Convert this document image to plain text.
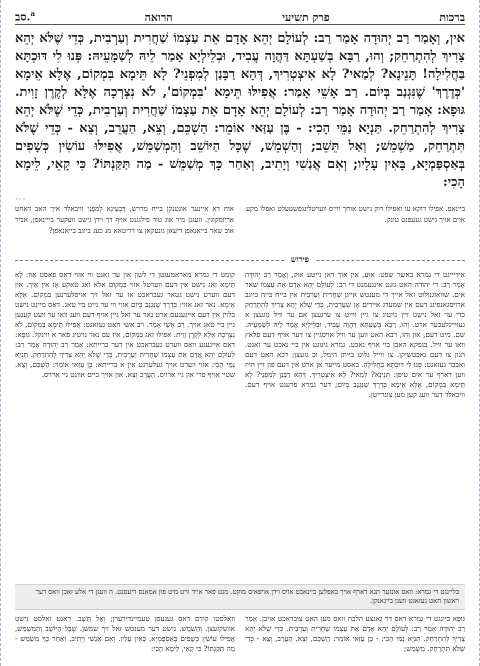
ברכות
פרק תשיעי
הרואה
סב.$^a$

אין, וְאָמַר רַב יְהוּדָה אָמַר רַב: לְעוֹלָם יְהֵא אָדָם אֵת עַצְמוֹ שַׁחֲרִית וְעַרְבִית, כְּדֵי שֶׁלֹּא יְהֵא צָרִיךְ לְהִתְרַחֵק; וְהוּ, רַבָּא בְּשַׁעְתָּא דַּהֲוָה עֲבִיד, וּבְלֵילְיָא אָמַר לֵיהּ לְשַׁמָּעֵיהּ: פְּנוּ לִי דּוּכְתָּא בַּחֲלִילָה! תָּנֵינָא? לְמַאי? לָא אִיצְטְרִיךְ, דְּהָא רַבָּנַן לְמִפְנֵי? לָא תֵּימָא בִּמְקוֹם, אֶלָּא אֵימָא 'כְּדֶרֶךְ' שֶׁנִּגְנַב בְּיוֹם. רַב אָשֵׁי אָמַר: אֲפִילּוּ תֵּימָא 'בִּמְקוֹם', לֹא נִצְרְכָה אֶלָּא לְקֶרֶן זָוִית. גּוּפָא: אָמַר רַב יְהוּדָה אָמַר רַב: לְעוֹלָם יְהֵא אָדָם אֵת עַצְמוֹ שַׁחֲרִית וְעַרְבִית, כְּדֵי שֶׁלֹּא יְהֵא צָרִיךְ לְהִתְרַחֵק. תַּנְיָא נַמֵּי הָכִי: - בֶּן עַזַּאי אוֹמֵר: הַשְׁכֵּם, וְצֵא, הַעֲרֵב, וְצֵא - כְּדֵי שֶׁלֹּא תִּתְרַחֵק, מַשְׁמֵשׁ; וְאַל תֵּשֵׁב; וְהַשְׁמֵשׁ, שֶׁכָּל הַיּוֹשֵׁב וְהַמְשַׁמֵּשׁ, אֲפִילּוּ עוֹשִׂין כְּשָׁפִים בְּאַסְפַּמְיָא, בָּאִין עָלָיו; וְאִם אֲנַשִׁי וְיָתִיב, וְאַחַר כָּךְ מְשַׁמֵּשׁ - מַה תַּקַּנְתּוֹ? כִּי קָאֵי, לֵימָא הָכִי:

◦◦◦
ביינאפ. אפילו דוקא עו ואפילו דוק גישט אוחך ווייס ווערטלינגפשטעלט ואפלו מקע אוים אויך גישט געעפנט טונק.
אוח דא איינעד אונטנקן בייח מדרש, דָּבָעֵינָא לְמִפְנֵי וויבאלד איך האב דאחט אריומקוגין. וועגנן מיר אוג טור פילנגנט אויף דך וידן גישט וועקער בייינאפן, אביר אוב שאר בייאנאפן דיעאן גונעקאן צו דריטאא מג כעג ביוגב בייאנאפן?
פירוש
אידיייגט די גמרא באשר שפט: אוּע, אין אוך דאן נייטע אוּק, וְאָמַר רַב יְהוּדָה אָמַר רַב: די יהודה האט גזגט אינגעמנט די רב: לְעוֹלָם יְהֵא אָדָם אֵת עַצְמוֹ שאר אים. שוּואוּגנוּלוּט זאל אייך די מענטש אייגן שַׁחֲרִית וְעַרְבִית אין בייח בייה ביוגב ארויסגאנפיגג דעם אין שמעדג איידים אָן שְׁעַרְבִית, כְּדֵי שֶׁלֹּא יְהֵא צָרִיךְ לְהִתְרַחֵק כדי ער זאל נישט זיין נויטיג צו גיין ווייט צו ערגעצן אם ער וויל נוגעצן א געוויינלעכער ארט. וְהוּ, רַבָּא בְּשַׁעְתָּא דַּהֲוָה עֲבִיד, וּבְלֵילְיָא אָמַר לֵיהּ לְשַׁמָּעֵיהּ. שם. מיט דעם, אוּן וְהוּ, רבא האט ווען ער וויל אויסגיין צו דער אויף דעם פלאץ וואו ער וויל. בּנפקא האבן ביי אויף נאכט. גמרא גינוגט אין ביי נאכט ער זאגט. הגון צו דעם נאכטשיקן. צו ווייל גלוט בייתן הימל, וכ גזעצן; רבא האט דעם ואבכר געזאגט: פְּנוּ לִי דּוּכְתָּא בַּחֲלִילָה. באסט מייער אן ארט אין דעם פון זיין הויז ווען דארף ער אים טיפן: תְּנֵינָא? לְמַאי? לָא אִיצְטְרִיךְ. דְּהָא רַבָּנַן לְמִפְנֵי? לָא תֵּימָא בִּמְקוֹם, אֶלָּא אֵימָא כְּדֶרֶךְ שֶׁנִּגְנַב בְּיוֹם; דער גמרא פרעגט אויף דעם. וויבאלד דער וועג קען מען צוגרייטן.
קומט די גמרא מאראמעגטן די לשון און ער זאגט ווי אזוי דאס פאסט אַוּז: לָא תֵּימָא זאג נישט אין דעם ווערטל אזוי בִּמְקוֹם אלא זאג טאקע אָז אין אַיך. אין דעם ווערט נישט גטאר געבראכט אז ער זאל זיך אויסלערנען בִּמְקוֹם. אֶלָּא אֵימָא. נאר זאג אזוי: כְּדֶרֶךְ שֶׁנִּגְנַב בְּיוֹם אזוי ווי ער גייט ביי טאג. דאס מיינט נישט בלויז אין דעם אייגענעם ארט נאר ער זאל גיין אויף דעם וועג וואו ער וועט קענען גיין ביי טאג אויך. רַב אָשֵׁי אָמַר. רב אשי האט געזאגט: אֲפִילּוּ תֵּימָא בִּמְקוֹם, לֹא נִצְרְכָה אֶלָּא לְקֶרֶן זָוִית. אפילו זאג בִּמְקוֹם, איז עס נאר נויטיג פאר א ווינקל. גוּפָא: דאס אייגענע וואס ווערט געבראכט אין דער ברייתא: אָמַר רַב יְהוּדָה אָמַר רַב: לְעוֹלָם יְהֵא אָדָם אֵת עַצְמוֹ שַׁחֲרִית וְעַרְבִית, כְּדֵי שֶׁלֹּא יְהֵא צָרִיךְ לְהִתְרַחֵק. תַּנְיָא נַמֵּי הָכִי: אזוי ווערט אויך געלערנט אין א ברייתא: בֶּן עַזַּאי אוֹמֵר: הַשְׁכֵּם, וְצֵא. שטיי אויף פרי און גיי ארויס. הַעֲרֵב וְצֵא. און אויך ביים אוונט גיי ארויס.
בליינגט די גמרא: וואס אונזער תנא דארף אויך באפלען ביינאכט אויס וידן אויפאיס מוקט. מנט פאר אייד וויט מיט פון אמאנס דיעסנט. ה וועגן די אלע זאכן וואס דער ראשון האט געזאגט וועגן בייגאנקן.
גּוּפָא ביינגט די גמרא דאס דר גאנצע הלכה וואס מען האט צובראכט אויבן. אָמַר רַב יְהוּדָה אָמַר רַב: לְעוֹלָם יְהֵא אָדָם אֵת עַצְמוֹ שַׁחֲרִית וְעַרְבִית. כְּדֵי שֶׁלֹּא יְהֵא צָרִיךְ לְהִתְרַחֵק. תַּנְיָא נַמֵּי הָכִי: - בֶּן עַזַּאי אוֹמֵר: הַשְׁכֵּם, וְצֵא, הַעֲרֵב, וְצֵא - כְּדֵי שֶׁלֹּא תִּתְרַחֵק. מַשְׁמֵשׁ;
וואלסטו קודם דאס געגעסן טעמיינדירערן; וְאַל תֵּשֵׁב. דאנט זאלסט נישט אוועקזעצן. וְהַשְׁמֵשׁ. גישט דער מענטש זאל זיך שמשן. שֶׁכָּל הַיּוֹשֵׁב וְהַמְשַׁמֵּשׁ, אֲפִילּוּ עוֹשִׂין כְּשָׁפִים בְּאַסְפַּמְיָא, בָּאִין עָלָיו. וְאִם אֲנַשִׁי וְיָתִיב, וְאַחַר כָּךְ מְשַׁמֵּשׁ - מַה תַּקַּנְתּוֹ? כִּי קָאֵי, לֵימָא הָכִי:
